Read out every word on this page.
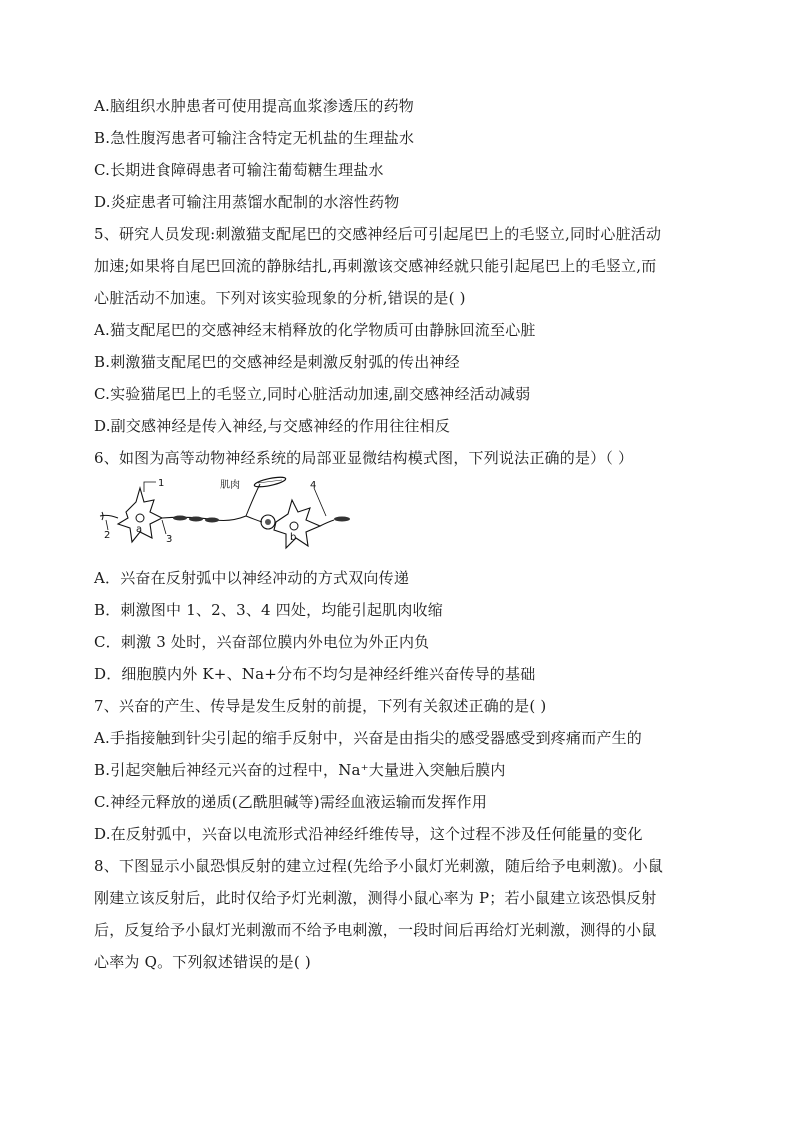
A.脑组织水肿患者可使用提高血浆渗透压的药物
B.急性腹泻患者可输注含特定无机盐的生理盐水
C.长期进食障碍患者可输注葡萄糖生理盐水
D.炎症患者可输注用蒸馏水配制的水溶性药物
5、研究人员发现:刺激猫支配尾巴的交感神经后可引起尾巴上的毛竖立,同时心脏活动
加速;如果将自尾巴回流的静脉结扎,再刺激该交感神经就只能引起尾巴上的毛竖立,而
心脏活动不加速。下列对该实验现象的分析,错误的是( )
A.猫支配尾巴的交感神经末梢释放的化学物质可由静脉回流至心脏
B.刺激猫支配尾巴的交感神经是刺激反射弧的传出神经
C.实验猫尾巴上的毛竖立,同时心脏活动加速,副交感神经活动减弱
D.副交感神经是传入神经,与交感神经的作用往往相反
6、如图为高等动物神经系统的局部亚显微结构模式图，下列说法正确的是）（ ）
1
2	3
4
a
b
肌肉
A．兴奋在反射弧中以神经冲动的方式双向传递
B．刺激图中 1、2、3、4 四处，均能引起肌肉收缩
C．刺激 3 处时，兴奋部位膜内外电位为外正内负
D．细胞膜内外 K+、Na+分布不均匀是神经纤维兴奋传导的基础
7、兴奋的产生、传导是发生反射的前提，下列有关叙述正确的是( )
A.手指接触到针尖引起的缩手反射中，兴奋是由指尖的感受器感受到疼痛而产生的
B.引起突触后神经元兴奋的过程中，Na⁺大量进入突触后膜内
C.神经元释放的递质(乙酰胆碱等)需经血液运输而发挥作用
D.在反射弧中，兴奋以电流形式沿神经纤维传导，这个过程不涉及任何能量的变化
8、下图显示小鼠恐惧反射的建立过程(先给予小鼠灯光刺激，随后给予电刺激)。小鼠
刚建立该反射后，此时仅给予灯光刺激，测得小鼠心率为 P；若小鼠建立该恐惧反射
后，反复给予小鼠灯光刺激而不给予电刺激，一段时间后再给灯光刺激，测得的小鼠
心率为 Q。下列叙述错误的是( )
